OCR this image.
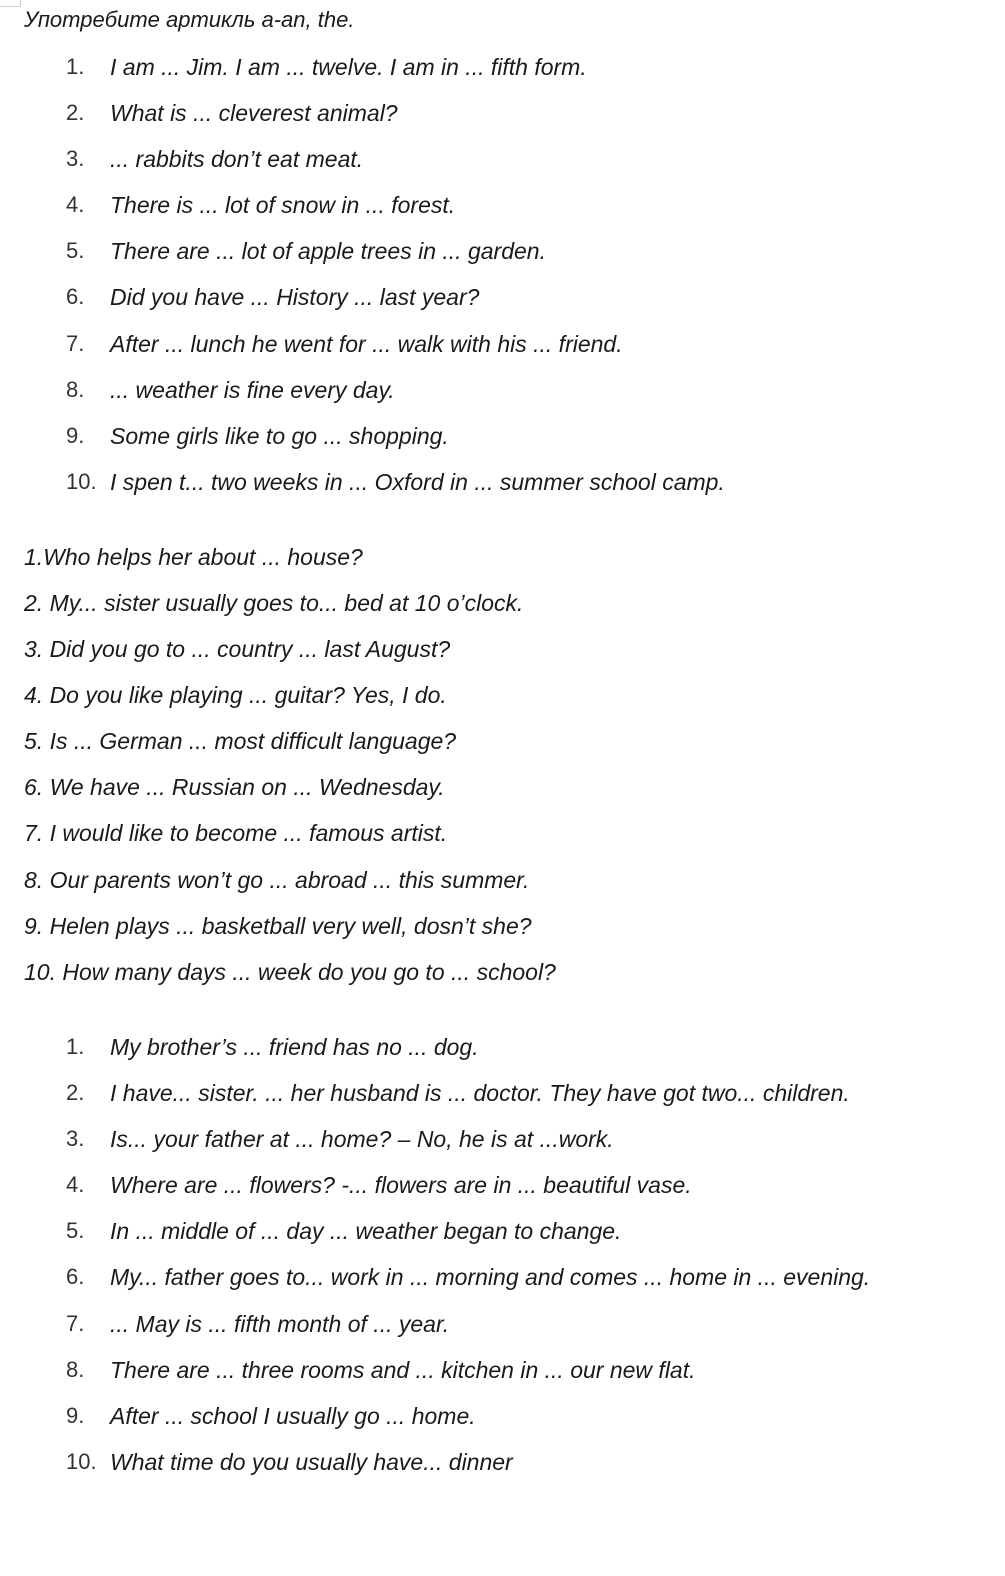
Употребите артикль а-an, the.
1. I am ... Jim. I am ... twelve. I am in ... fifth form.
2. What is ... cleverest animal?
3. ... rabbits don’t eat meat.
4. There is ... lot of snow in ... forest.
5. There are ... lot of apple trees in ... garden.
6. Did you have ... History ... last year?
7. After ... lunch he went for ... walk with his ... friend.
8. ... weather is fine every day.
9. Some girls like to go ... shopping.
10. I spen t... two weeks in ... Oxford in ... summer school camp.
1.Who helps her about ... house?
2. My... sister usually goes to... bed at 10 o’clock.
3. Did you go to ... country ... last August?
4. Do you like playing ... guitar? Yes, I do.
5. Is ... German ... most difficult language?
6. We have ... Russian on ... Wednesday.
7. I would like to become ... famous artist.
8. Our parents won’t go ... abroad ... this summer.
9. Helen plays ... basketball very well, dosn’t she?
10. How many days ... week do you go to ... school?
1. My brother’s ... friend has no ... dog.
2. I have... sister. ... her husband is ... doctor. They have got two... children.
3. Is... your father at ... home? – No, he is at ...work.
4. Where are ... flowers? -... flowers are in ... beautiful vase.
5. In ... middle of ... day ... weather began to change.
6. My... father goes to... work in ... morning and comes ... home in ... evening.
7. ... May is ... fifth month of ... year.
8. There are ... three rooms and ... kitchen in ... our new flat.
9. After ... school I usually go ... home.
10. What time do you usually have... dinner
